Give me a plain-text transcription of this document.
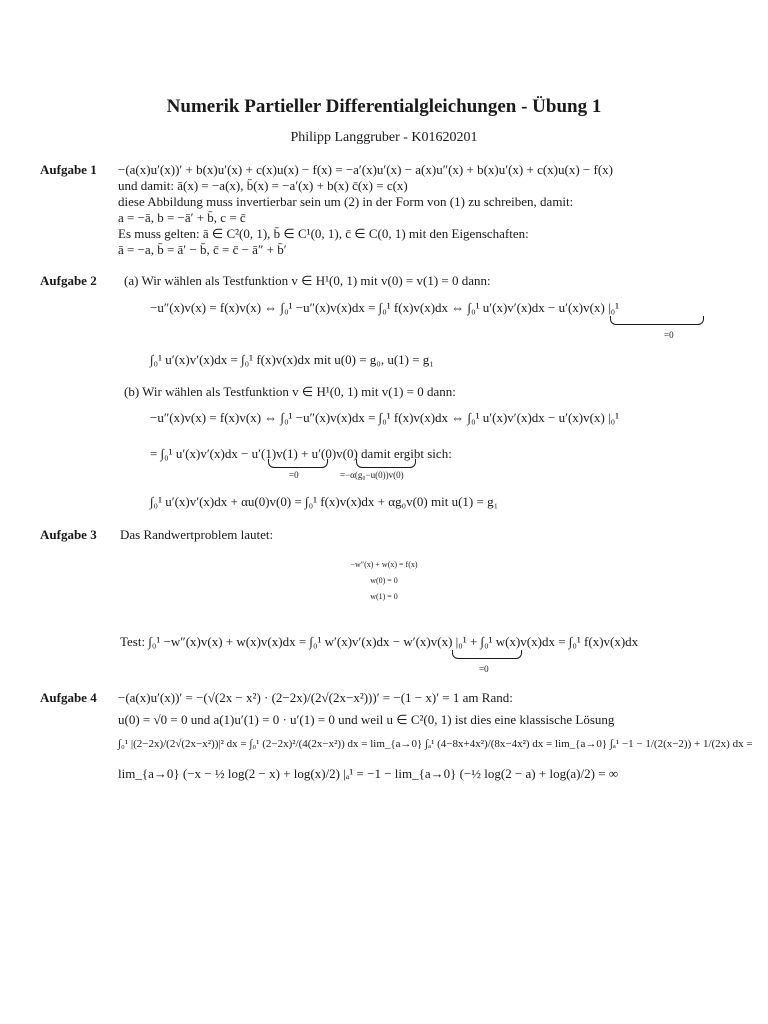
Numerik Partieller Differentialgleichungen - Übung 1
Philipp Langgruber - K01620201
Aufgabe 1 −(a(x)u′(x))′ + b(x)u′(x) + c(x)u(x) − f(x) = −a′(x)u′(x) − a(x)u″(x) + b(x)u′(x) + c(x)u(x) − f(x)
und damit: ā(x) = −a(x), b̄(x) = −a′(x) + b(x) c̄(x) = c(x)
diese Abbildung muss invertierbar sein um (2) in der Form von (1) zu schreiben, damit:
a = −ā, b = −ā′ + b̄, c = c̄
Es muss gelten: ā ∈ C²(0, 1), b̄ ∈ C¹(0, 1), c̄ ∈ C(0, 1) mit den Eigenschaften:
ā = −a, b̄ = ā′ − b̄, c̄ = c̄ − ā″ + b̄′
Aufgabe 2 (a) Wir wählen als Testfunktion v ∈ H¹(0, 1) mit v(0) = v(1) = 0 dann:
−u″(x)v(x) = f(x)v(x) ⇔ ∫₀¹ −u″(x)v(x)dx = ∫₀¹ f(x)v(x)dx ⇔ ∫₀¹ u′(x)v′(x)dx − u′(x)v(x) |₀¹
=0
∫₀¹ u′(x)v′(x)dx = ∫₀¹ f(x)v(x)dx mit u(0) = g₀, u(1) = g₁
(b) Wir wählen als Testfunktion v ∈ H¹(0, 1) mit v(1) = 0 dann:
−u″(x)v(x) = f(x)v(x) ⇔ ∫₀¹ −u″(x)v(x)dx = ∫₀¹ f(x)v(x)dx ⇔ ∫₀¹ u′(x)v′(x)dx − u′(x)v(x) |₀¹
= ∫₀¹ u′(x)v′(x)dx − u′(1)v(1) + u′(0)v(0) damit ergibt sich:
=0	=−α(g₀−u(0))v(0)
∫₀¹ u′(x)v′(x)dx + αu(0)v(0) = ∫₀¹ f(x)v(x)dx + αg₀v(0) mit u(1) = g₁
Aufgabe 3 Das Randwertproblem lautet:
−w″(x) + w(x) = f(x)
w(0) = 0
w(1) = 0
Test: ∫₀¹ −w″(x)v(x) + w(x)v(x)dx = ∫₀¹ w′(x)v′(x)dx − w′(x)v(x) |₀¹ + ∫₀¹ w(x)v(x)dx = ∫₀¹ f(x)v(x)dx
=0
Aufgabe 4 −(a(x)u′(x))′ = −(√(2x − x²) · (2−2x)/(2√(2x−x²)))′ = −(1 − x)′ = 1 am Rand:
u(0) = √0 = 0 und a(1)u′(1) = 0 · u′(1) = 0 und weil u ∈ C²(0, 1) ist dies eine klassische Lösung
∫₀¹ |(2−2x)/(2√(2x−x²))|² dx = ∫₀¹ (2−2x)²/(4(2x−x²)) dx = lim_{a→0} ∫ₐ¹ (4−8x+4x²)/(8x−4x²) dx = lim_{a→0} ∫ₐ¹ −1 − 1/(2(x−2)) + 1/(2x) dx =
lim_{a→0} (−x − ½ log(2 − x) + log(x)/2) |ₐ¹ = −1 − lim_{a→0} (−½ log(2 − a) + log(a)/2) = ∞
